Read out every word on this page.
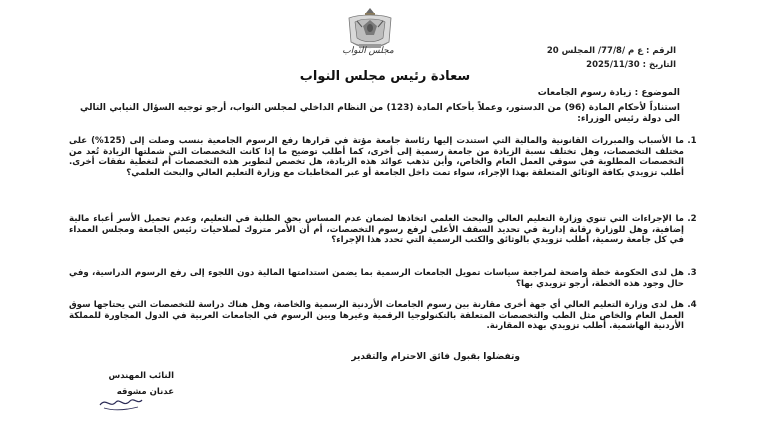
مجلس النواب	الرقم : ع م /77/8/ المجلس 20
التاريخ : 2025/11/30
سعادة رئيس مجلس النواب
الموضوع : زيادة رسوم الجامعات
استناداً لأحكام المادة (96) من الدستور، وعملاً بأحكام المادة (123) من النظام الداخلي لمجلس النواب، أرجو توجيه السؤال النيابي التالي الى دولة رئيس الوزراء:
1.
ما الأسباب والمبررات القانونية والمالية التي استندت إليها رئاسة جامعة مؤتة في قرارها رفع الرسوم الجامعية بنسب وصلت إلى (125%) على مختلف التخصصات، وهل تختلف نسبة الزيادة من جامعة رسمية إلى أخرى، كما أطلب توضيح ما إذا كانت التخصصات التي شملتها الزيادة تُعد من التخصصات المطلوبة في سوقي العمل العام والخاص، وأين تذهب عوائد هذه الزيادة، هل تخصص لتطوير هذه التخصصات أم لتغطية نفقات أخرى. أطلب تزويدي بكافة الوثائق المتعلقة بهذا الإجراء، سواء تمت داخل الجامعة أو عبر المخاطبات مع وزارة التعليم العالي والبحث العلمي؟
2.
ما الإجراءات التي تنوي وزارة التعليم العالي والبحث العلمي اتخاذها لضمان عدم المساس بحق الطلبة في التعليم، وعدم تحميل الأسر أعباء مالية إضافية، وهل للوزارة رقابة إدارية في تحديد السقف الأعلى لرفع رسوم التخصصات، أم أن الأمر متروك لصلاحيات رئيس الجامعة ومجلس العمداء في كل جامعة رسمية، أطلب تزويدي بالوثائق والكتب الرسمية التي تحدد هذا الإجراء؟
3.
هل لدى الحكومة خطة واضحة لمراجعة سياسات تمويل الجامعات الرسمية بما يضمن استدامتها المالية دون اللجوء إلى رفع الرسوم الدراسية، وفي حال وجود هذه الخطة، أرجو تزويدي بها؟
4.
هل لدى وزارة التعليم العالي أي جهة أخرى مقارنة بين رسوم الجامعات الأردنية الرسمية والخاصة، وهل هناك دراسة للتخصصات التي يحتاجها سوق العمل العام والخاص مثل الطب والتخصصات المتعلقة بالتكنولوجيا الرقمية وغيرها وبين الرسوم في الجامعات العربية في الدول المجاورة للمملكة الأردنية الهاشمية. أطلب تزويدي بهذه المقارنة.
وتفضلوا بقبول فائق الاحترام والتقدير
النائب المهندس
عدنان مشوقه
